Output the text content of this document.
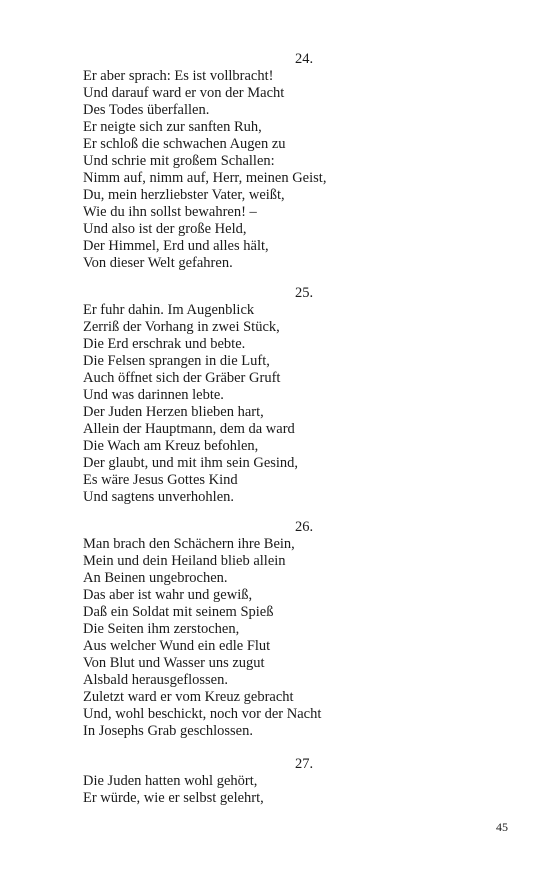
24.
Er aber sprach: Es ist vollbracht!
Und darauf ward er von der Macht
Des Todes überfallen.
Er neigte sich zur sanften Ruh,
Er schloß die schwachen Augen zu
Und schrie mit großem Schallen:
Nimm auf, nimm auf, Herr, meinen Geist,
Du, mein herzliebster Vater, weißt,
Wie du ihn sollst bewahren! –
Und also ist der große Held,
Der Himmel, Erd und alles hält,
Von dieser Welt gefahren.
25.
Er fuhr dahin. Im Augenblick
Zerriß der Vorhang in zwei Stück,
Die Erd erschrak und bebte.
Die Felsen sprangen in die Luft,
Auch öffnet sich der Gräber Gruft
Und was darinnen lebte.
Der Juden Herzen blieben hart,
Allein der Hauptmann, dem da ward
Die Wach am Kreuz befohlen,
Der glaubt, und mit ihm sein Gesind,
Es wäre Jesus Gottes Kind
Und sagtens unverhohlen.
26.
Man brach den Schächern ihre Bein,
Mein und dein Heiland blieb allein
An Beinen ungebrochen.
Das aber ist wahr und gewiß,
Daß ein Soldat mit seinem Spieß
Die Seiten ihm zerstochen,
Aus welcher Wund ein edle Flut
Von Blut und Wasser uns zugut
Alsbald herausgeflossen.
Zuletzt ward er vom Kreuz gebracht
Und, wohl beschickt, noch vor der Nacht
In Josephs Grab geschlossen.
27.
Die Juden hatten wohl gehört,
Er würde, wie er selbst gelehrt,
45
